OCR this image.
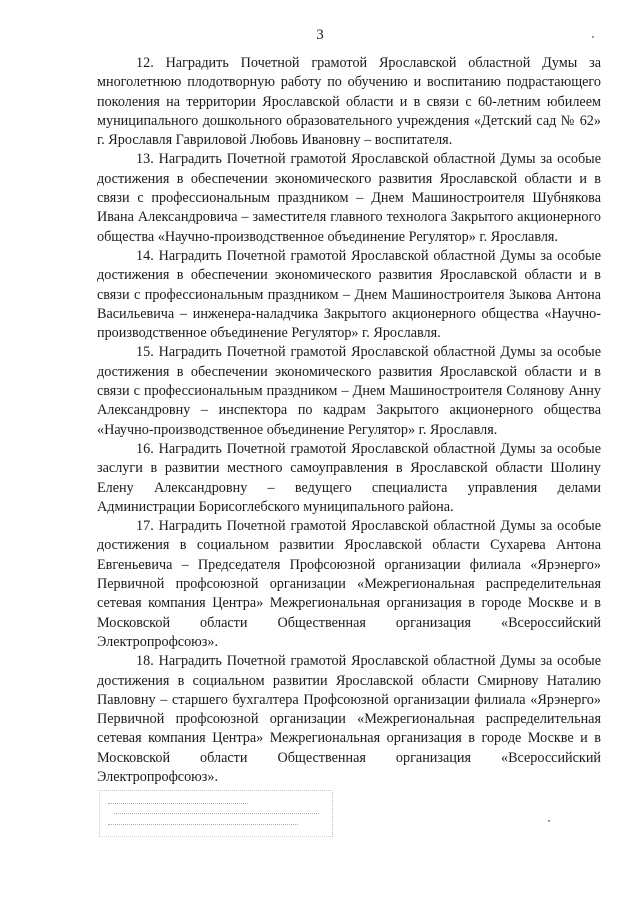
3

12. Наградить Почетной грамотой Ярославской областной Думы за многолетнюю плодотворную работу по обучению и воспитанию подрастающего поколения на территории Ярославской области и в связи с 60-летним юбилеем муниципального дошкольного образовательного учреждения «Детский сад № 62» г. Ярославля Гавриловой Любовь Ивановну – воспитателя.

13. Наградить Почетной грамотой Ярославской областной Думы за особые достижения в обеспечении экономического развития Ярославской области и в связи с профессиональным праздником – Днем Машиностроителя Шубнякова Ивана Александровича – заместителя главного технолога Закрытого акционерного общества «Научно-производственное объединение Регулятор» г. Ярославля.

14. Наградить Почетной грамотой Ярославской областной Думы за особые достижения в обеспечении экономического развития Ярославской области и в связи с профессиональным праздником – Днем Машиностроителя Зыкова Антона Васильевича – инженера-наладчика Закрытого акционерного общества «Научно-производственное объединение Регулятор» г. Ярославля.

15. Наградить Почетной грамотой Ярославской областной Думы за особые достижения в обеспечении экономического развития Ярославской области и в связи с профессиональным праздником – Днем Машиностроителя Солянову Анну Александровну – инспектора по кадрам Закрытого акционерного общества «Научно-производственное объединение Регулятор» г. Ярославля.

16. Наградить Почетной грамотой Ярославской областной Думы за особые заслуги в развитии местного самоуправления в Ярославской области Шолину Елену Александровну – ведущего специалиста управления делами Администрации Борисоглебского муниципального района.

17. Наградить Почетной грамотой Ярославской областной Думы за особые достижения в социальном развитии Ярославской области Сухарева Антона Евгеньевича – Председателя Профсоюзной организации филиала «Ярэнерго» Первичной профсоюзной организации «Межрегиональная распределительная сетевая компания Центра» Межрегиональная организация в городе Москве и в Московской области Общественная организация «Всероссийский Электропрофсоюз».

18. Наградить Почетной грамотой Ярославской областной Думы за особые достижения в социальном развитии Ярославской области Смирнову Наталию Павловну – старшего бухгалтера Профсоюзной организации филиала «Ярэнерго» Первичной профсоюзной организации «Межрегиональная распределительная сетевая компания Центра» Межрегиональная организация в городе Москве и в Московской области Общественная организация «Всероссийский Электропрофсоюз».
